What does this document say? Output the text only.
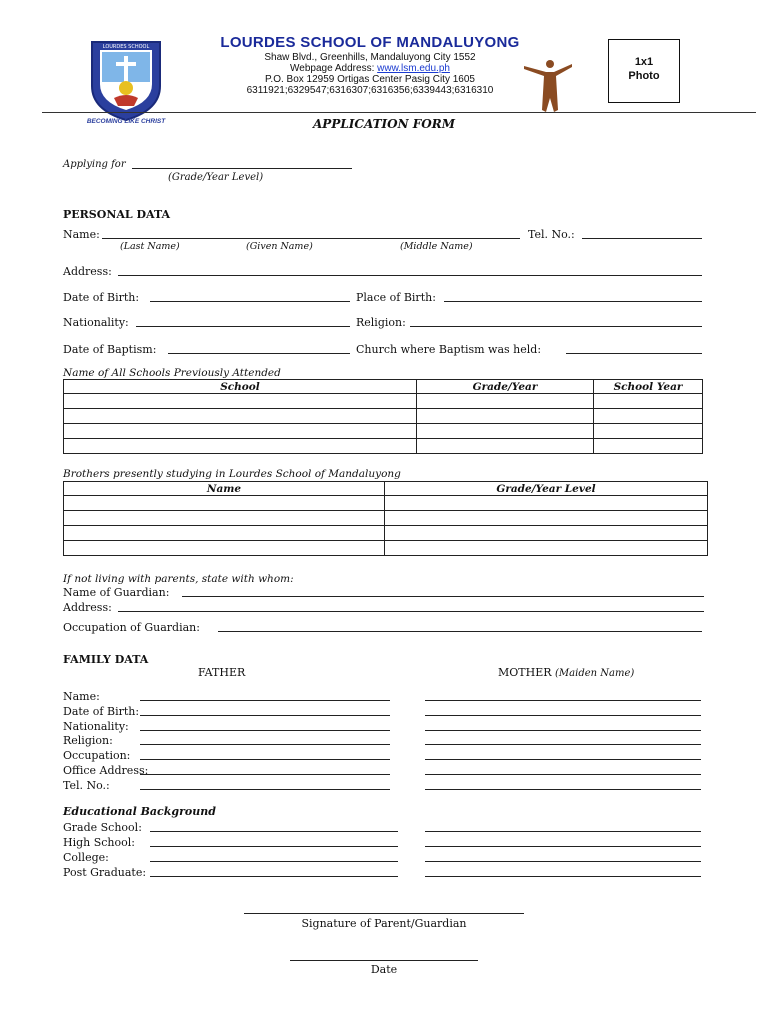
LOURDES SCHOOL
BECOMING LIKE CHRIST
LOURDES SCHOOL OF MANDALUYONG
Shaw Blvd., Greenhills, Mandaluyong City 1552
Webpage Address: www.lsm.edu.ph
P.O. Box 12959 Ortigas Center Pasig City 1605
6311921;6329547;6316307;6316356;6339443;6316310
1x1
Photo
APPLICATION FORM
Applying for
(Grade/Year Level)
PERSONAL DATA
Name:	Tel. No.:
(Last Name)	(Given Name)	(Middle Name)
Address:
Date of Birth:	Place of Birth:
Nationality:	Religion:
Date of Baptism:	Church where Baptism was held:
Name of All Schools Previously Attended
School	Grade/Year	School Year

Brothers presently studying in Lourdes School of Mandaluyong
Name	Grade/Year Level

If not living with parents, state with whom:
Name of Guardian:
Address:
Occupation of Guardian:
FAMILY DATA
FATHER	MOTHER (Maiden Name)
Name:
Date of Birth:
Nationality:
Religion:
Occupation:
Office Address:
Tel. No.:
Educational Background
Grade School:
High School:
College:
Post Graduate:
Signature of Parent/Guardian
Date
